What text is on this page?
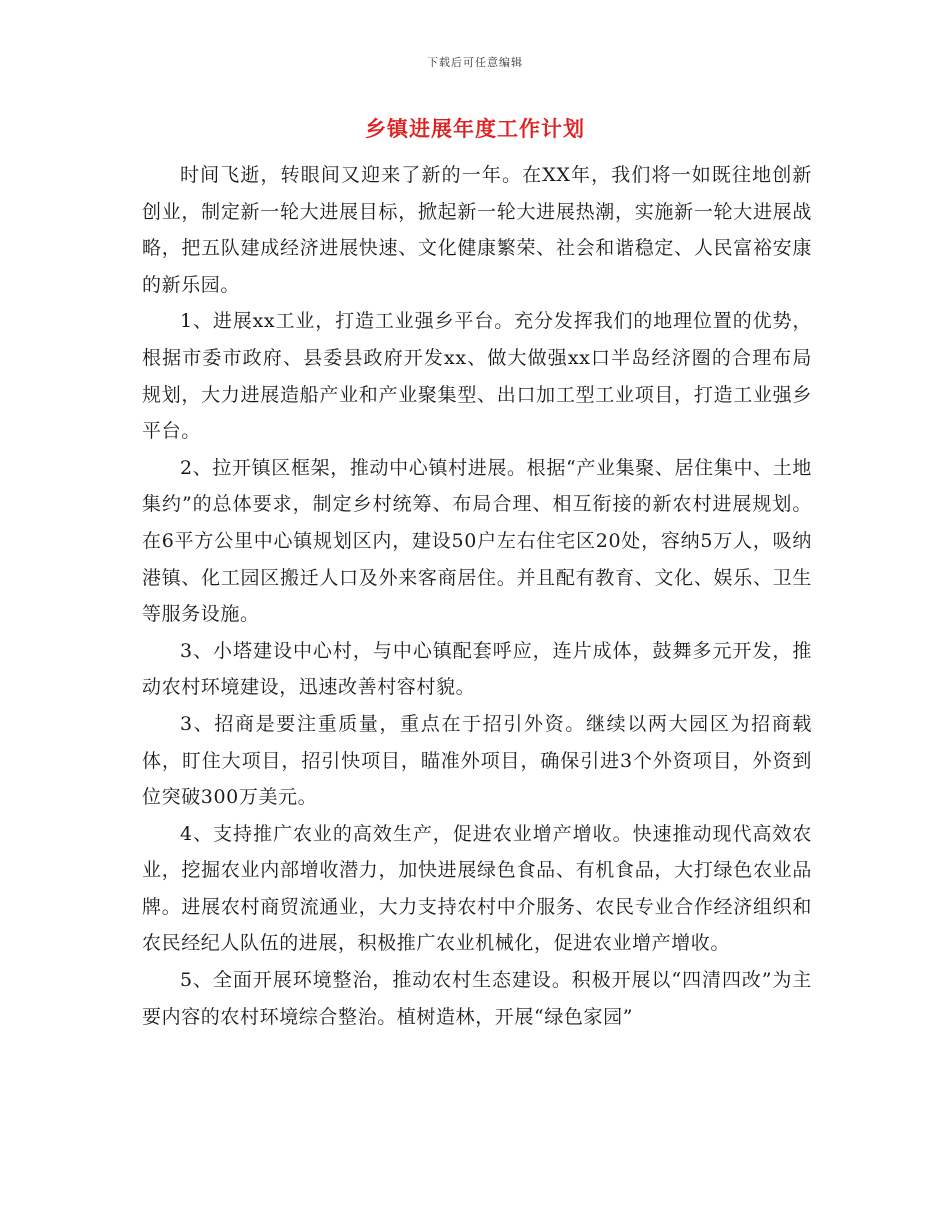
下载后可任意编辑
乡镇进展年度工作计划

时间飞逝，转眼间又迎来了新的一年。在XX年，我们将一如既往地创新创业，制定新一轮大进展目标，掀起新一轮大进展热潮，实施新一轮大进展战略，把五队建成经济进展快速、文化健康繁荣、社会和谐稳定、人民富裕安康的新乐园。

1、进展xx工业，打造工业强乡平台。充分发挥我们的地理位置的优势，根据市委市政府、县委县政府开发xx、做大做强xx口半岛经济圈的合理布局规划，大力进展造船产业和产业聚集型、出口加工型工业项目，打造工业强乡平台。

2、拉开镇区框架，推动中心镇村进展。根据“产业集聚、居住集中、土地集约”的总体要求，制定乡村统筹、布局合理、相互衔接的新农村进展规划。在6平方公里中心镇规划区内，建设50户左右住宅区20处，容纳5万人，吸纳港镇、化工园区搬迁人口及外来客商居住。并且配有教育、文化、娱乐、卫生等服务设施。

3、小塔建设中心村，与中心镇配套呼应，连片成体，鼓舞多元开发，推动农村环境建设，迅速改善村容村貌。

3、招商是要注重质量，重点在于招引外资。继续以两大园区为招商载体，盯住大项目，招引快项目，瞄准外项目，确保引进3个外资项目，外资到位突破300万美元。

4、支持推广农业的高效生产，促进农业增产增收。快速推动现代高效农业，挖掘农业内部增收潜力，加快进展绿色食品、有机食品，大打绿色农业品牌。进展农村商贸流通业，大力支持农村中介服务、农民专业合作经济组织和农民经纪人队伍的进展，积极推广农业机械化，促进农业增产增收。

5、全面开展环境整治，推动农村生态建设。积极开展以“四清四改”为主要内容的农村环境综合整治。植树造林，开展“绿色家园”
